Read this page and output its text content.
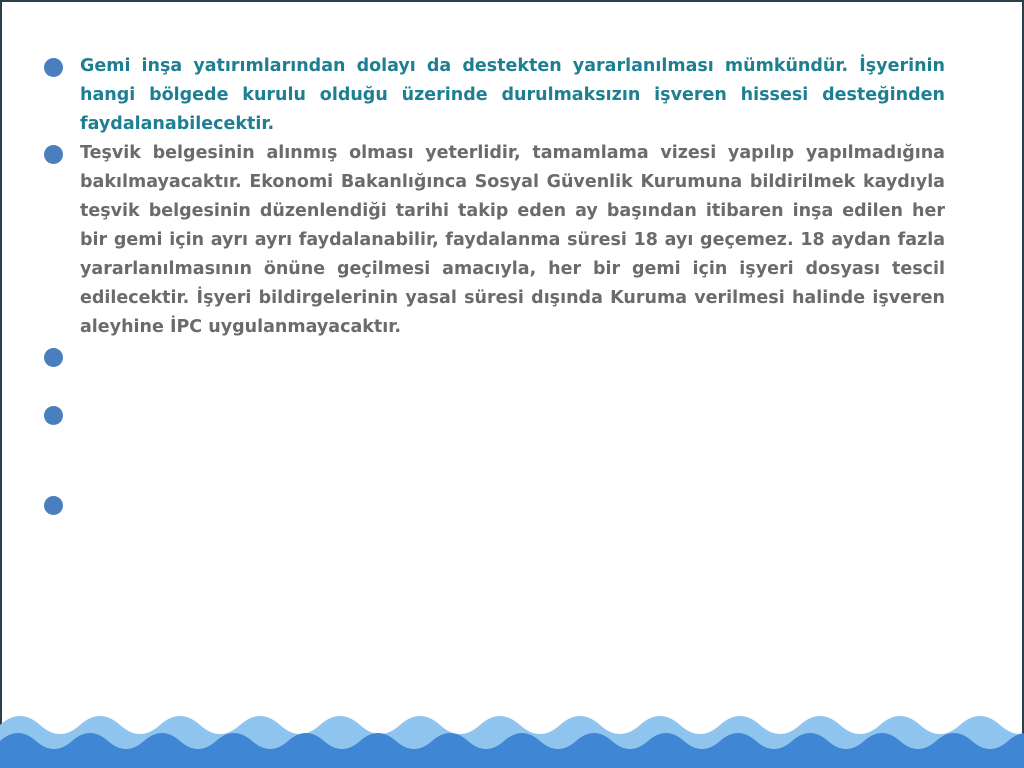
Gemi inşa yatırımlarından dolayı da destekten yararlanılması mümkündür. İşyerinin hangi bölgede kurulu olduğu üzerinde durulmaksızın işveren hissesi desteğinden faydalanabilecektir.
Teşvik belgesinin alınmış olması yeterlidir, tamamlama vizesi yapılıp yapılmadığına bakılmayacaktır. Ekonomi Bakanlığınca Sosyal Güvenlik Kurumuna bildirilmek kaydıyla teşvik belgesinin düzenlendiği tarihi takip eden ay başından itibaren inşa edilen her bir gemi için ayrı ayrı faydalanabilir, faydalanma süresi 18 ayı geçemez. 18 aydan fazla yararlanılmasının önüne geçilmesi amacıyla, her bir gemi için işyeri dosyası tescil edilecektir. İşyeri bildirgelerinin yasal süresi dışında Kuruma verilmesi halinde işveren aleyhine İPC uygulanmayacaktır.
